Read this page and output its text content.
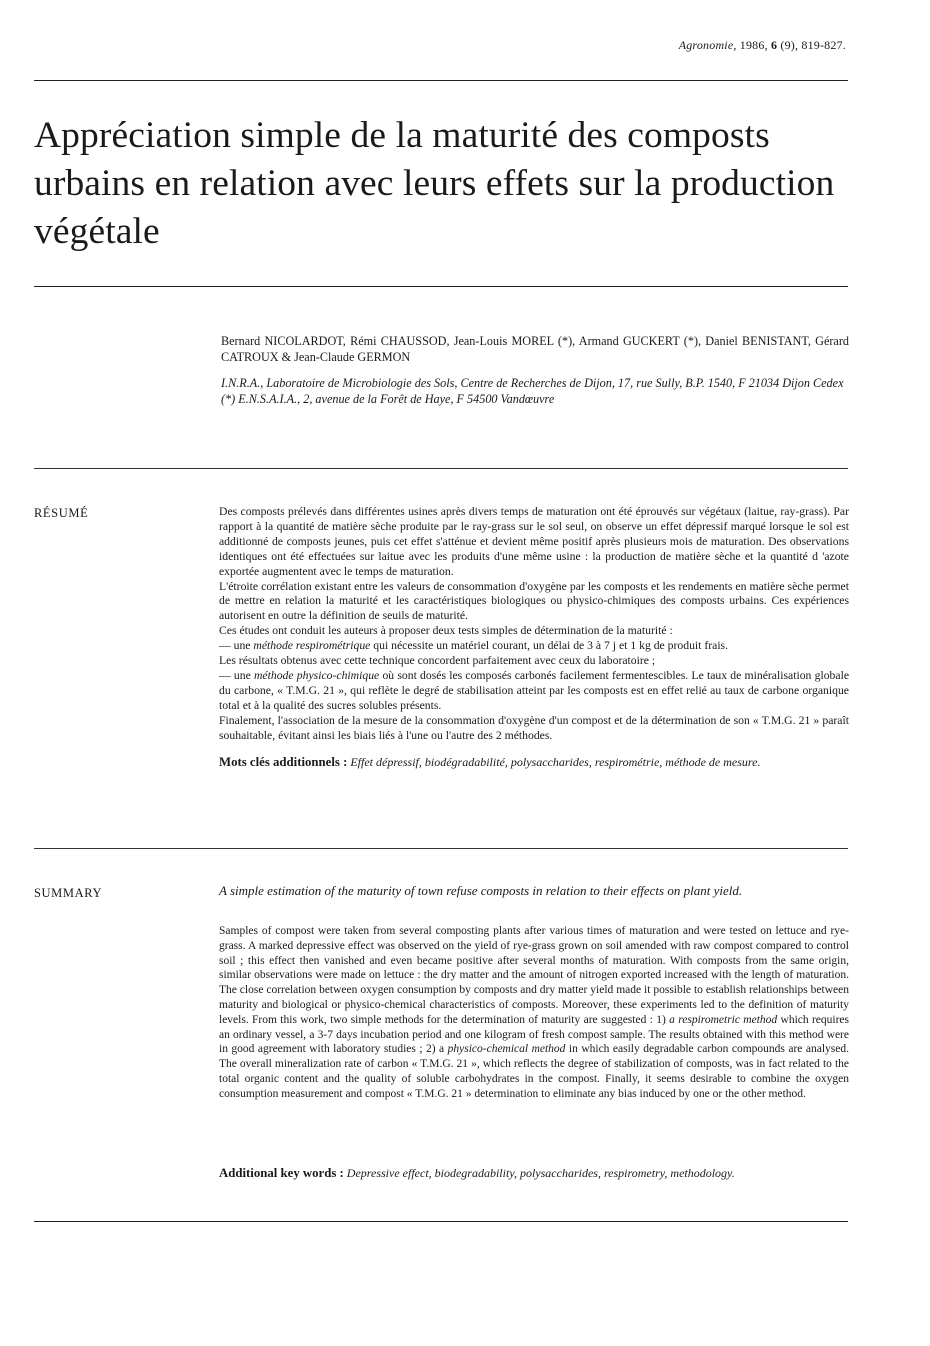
Agronomie, 1986, 6 (9), 819-827.
Appréciation simple de la maturité des composts urbains en relation avec leurs effets sur la production végétale
Bernard NICOLARDOT, Rémi CHAUSSOD, Jean-Louis MOREL (*), Armand GUCKERT (*), Daniel BENISTANT, Gérard CATROUX & Jean-Claude GERMON

I.N.R.A., Laboratoire de Microbiologie des Sols, Centre de Recherches de Dijon, 17, rue Sully, B.P. 1540, F 21034 Dijon Cedex

(*) E.N.S.A.I.A., 2, avenue de la Forêt de Haye, F 54500 Vandœuvre

RÉSUMÉ	Des composts prélevés dans différentes usines après divers temps de maturation ont été éprouvés sur végétaux (laitue, ray-grass). Par rapport à la quantité de matière sèche produite par le ray-grass sur le sol seul, on observe un effet dépressif marqué lorsque le sol est additionné de composts jeunes, puis cet effet s'atténue et devient même positif après plusieurs mois de maturation. Des observations identiques ont été effectuées sur laitue avec les produits d'une même usine : la production de matière sèche et la quantité d 'azote exportée augmentent avec le temps de maturation.

L'étroite corrélation existant entre les valeurs de consommation d'oxygène par les composts et les rendements en matière sèche permet de mettre en relation la maturité et les caractéristiques biologiques ou physico-chimiques des composts urbains. Ces expériences autorisent en outre la définition de seuils de maturité.

Ces études ont conduit les auteurs à proposer deux tests simples de détermination de la maturité :

— une méthode respirométrique qui nécessite un matériel courant, un délai de 3 à 7 j et 1 kg de produit frais.

Les résultats obtenus avec cette technique concordent parfaitement avec ceux du laboratoire ;

— une méthode physico-chimique où sont dosés les composés carbonés facilement fermentescibles. Le taux de minéralisation globale du carbone, « T.M.G. 21 », qui reflète le degré de stabilisation atteint par les composts est en effet relié au taux de carbone organique total et à la qualité des sucres solubles présents.

Finalement, l'association de la mesure de la consommation d'oxygène d'un compost et de la détermination de son « T.M.G. 21 » paraît souhaitable, évitant ainsi les biais liés à l'une ou l'autre des 2 méthodes.

Mots clés additionnels : Effet dépressif, biodégradabilité, polysaccharides, respirométrie, méthode de mesure.

SUMMARY	A simple estimation of the maturity of town refuse composts in relation to their effects on plant yield.

Samples of compost were taken from several composting plants after various times of maturation and were tested on lettuce and rye-grass. A marked depressive effect was observed on the yield of rye-grass grown on soil amended with raw compost compared to control soil ; this effect then vanished and even became positive after several months of maturation. With composts from the same origin, similar observations were made on lettuce : the dry matter and the amount of nitrogen exported increased with the length of maturation. The close correlation between oxygen consumption by composts and dry matter yield made it possible to establish relationships between maturity and biological or physico-chemical characteristics of composts. Moreover, these experiments led to the definition of maturity levels. From this work, two simple methods for the determination of maturity are suggested : 1) a respirometric method which requires an ordinary vessel, a 3-7 days incubation period and one kilogram of fresh compost sample. The results obtained with this method were in good agreement with laboratory studies ; 2) a physico-chemical method in which easily degradable carbon compounds are analysed. The overall mineralization rate of carbon « T.M.G. 21 », which reflects the degree of stabilization of composts, was in fact related to the total organic content and the quality of soluble carbohydrates in the compost. Finally, it seems desirable to combine the oxygen consumption measurement and compost « T.M.G. 21 » determination to eliminate any bias induced by one or the other method.

Additional key words : Depressive effect, biodegradability, polysaccharides, respirometry, methodology.
